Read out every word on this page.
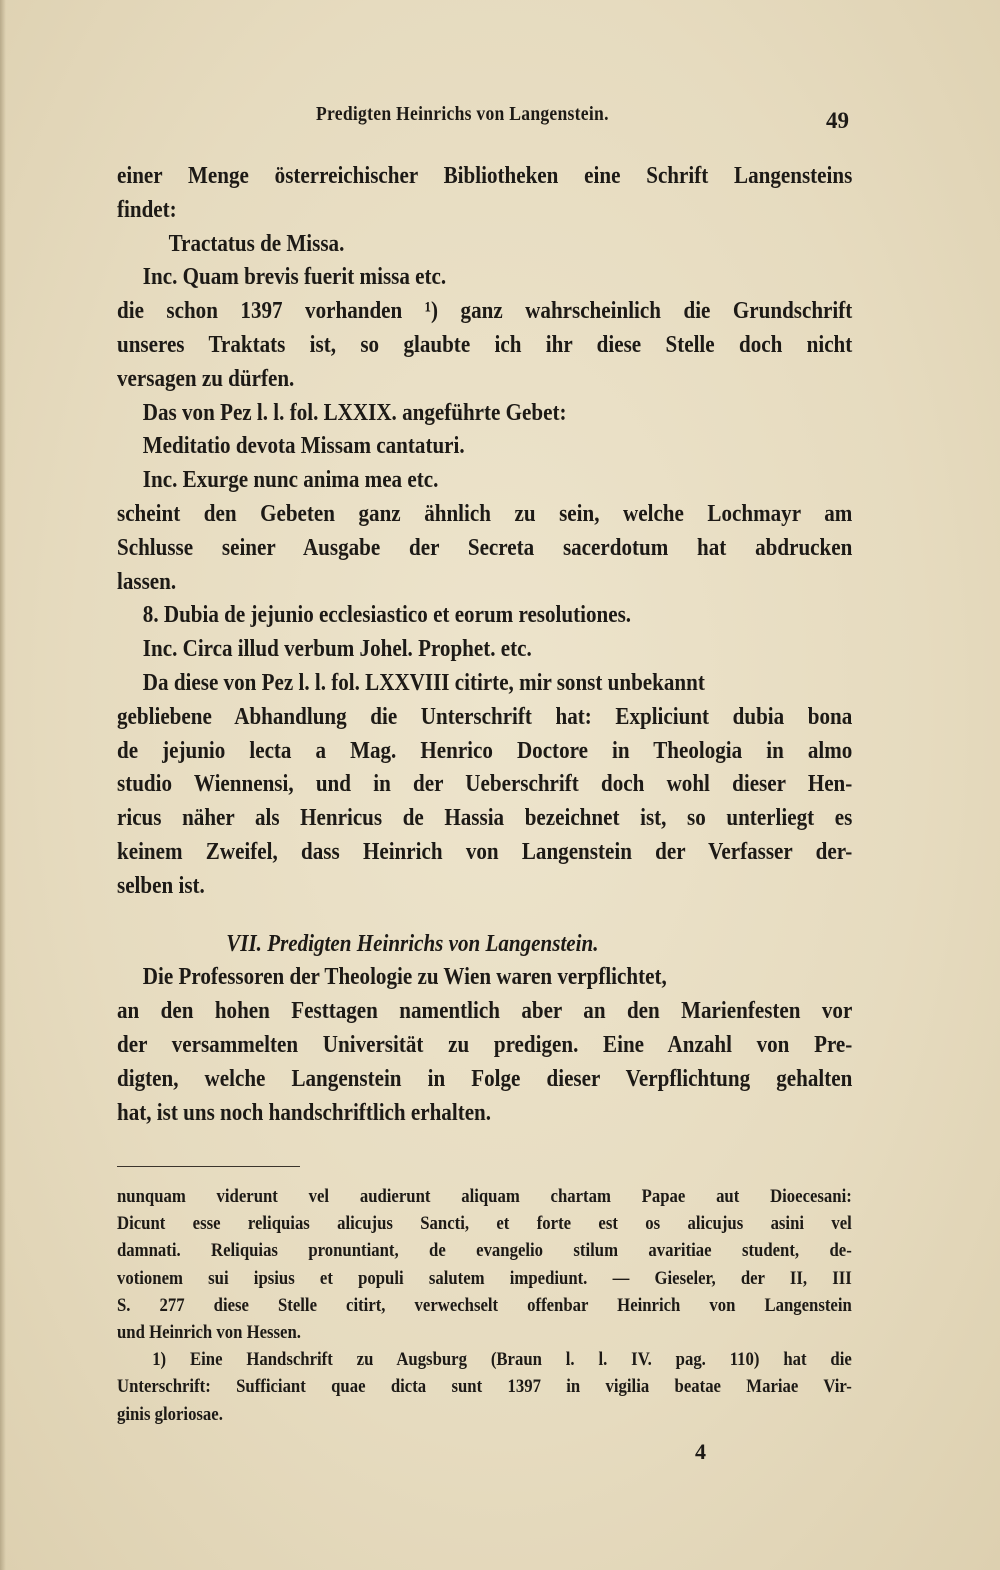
Predigten Heinrichs von Langenstein.	49
einer Menge österreichischer Bibliotheken eine Schrift Langensteins
findet:
Tractatus de Missa.
Inc. Quam brevis fuerit missa etc.
die schon 1397 vorhanden ¹) ganz wahrscheinlich die Grundschrift
unseres Traktats ist, so glaubte ich ihr diese Stelle doch nicht
versagen zu dürfen.
Das von Pez l. l. fol. LXXIX. angeführte Gebet:
Meditatio devota Missam cantaturi.
Inc. Exurge nunc anima mea etc.
scheint den Gebeten ganz ähnlich zu sein, welche Lochmayr am
Schlusse seiner Ausgabe der Secreta sacerdotum hat abdrucken
lassen.
8. Dubia de jejunio ecclesiastico et eorum resolutiones.
Inc. Circa illud verbum Johel. Prophet. etc.
Da diese von Pez l. l. fol. LXXVIII citirte, mir sonst unbekannt
gebliebene Abhandlung die Unterschrift hat: Expliciunt dubia bona
de jejunio lecta a Mag. Henrico Doctore in Theologia in almo
studio Wiennensi, und in der Ueberschrift doch wohl dieser Hen-
ricus näher als Henricus de Hassia bezeichnet ist, so unterliegt es
keinem Zweifel, dass Heinrich von Langenstein der Verfasser der-
selben ist.
VII. Predigten Heinrichs von Langenstein.
Die Professoren der Theologie zu Wien waren verpflichtet,
an den hohen Festtagen namentlich aber an den Marienfesten vor
der versammelten Universität zu predigen. Eine Anzahl von Pre-
digten, welche Langenstein in Folge dieser Verpflichtung gehalten
hat, ist uns noch handschriftlich erhalten.
nunquam viderunt vel audierunt aliquam chartam Papae aut Dioecesani:
Dicunt esse reliquias alicujus Sancti, et forte est os alicujus asini vel
damnati. Reliquias pronuntiant, de evangelio stilum avaritiae student, de-
votionem sui ipsius et populi salutem impediunt. — Gieseler, der II, III
S. 277 diese Stelle citirt, verwechselt offenbar Heinrich von Langenstein
und Heinrich von Hessen.
1) Eine Handschrift zu Augsburg (Braun l. l. IV. pag. 110) hat die
Unterschrift: Sufficiant quae dicta sunt 1397 in vigilia beatae Mariae Vir-
ginis gloriosae.
4
